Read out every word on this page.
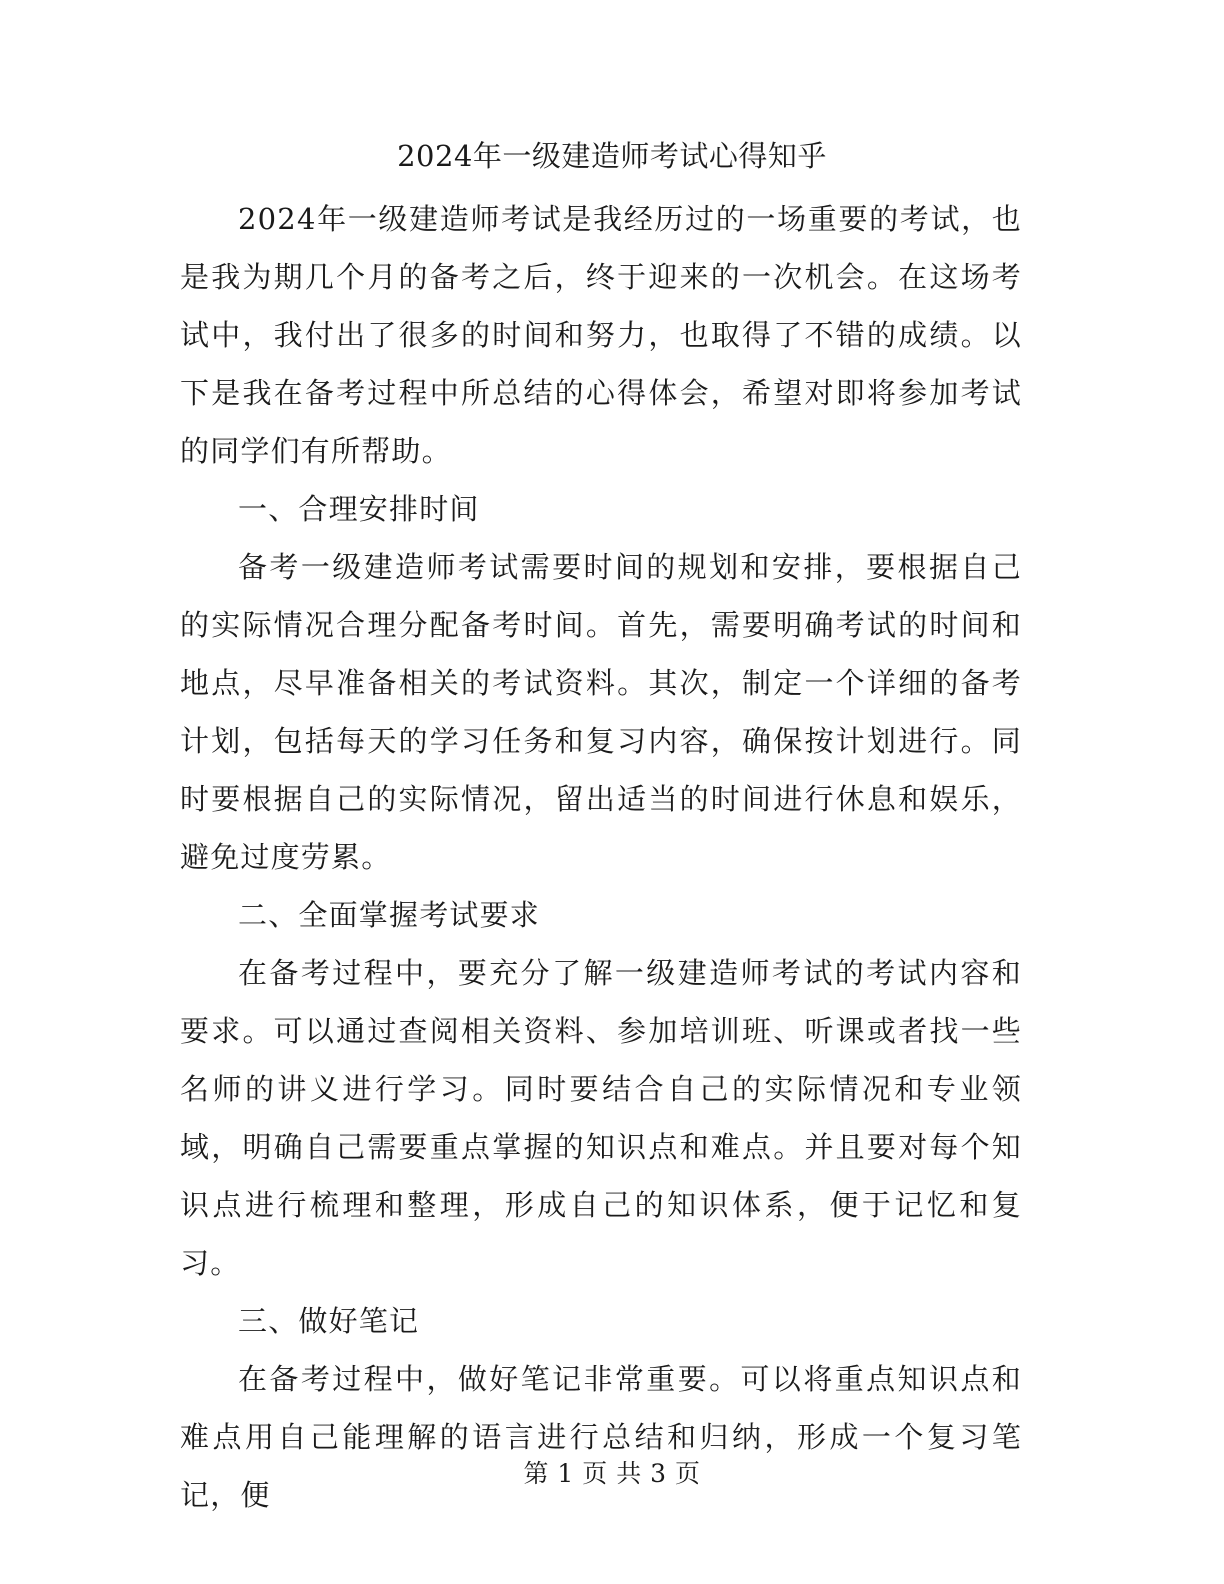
2024年一级建造师考试心得知乎

2024年一级建造师考试是我经历过的一场重要的考试，也是我为期几个月的备考之后，终于迎来的一次机会。在这场考试中，我付出了很多的时间和努力，也取得了不错的成绩。以下是我在备考过程中所总结的心得体会，希望对即将参加考试的同学们有所帮助。

一、合理安排时间

备考一级建造师考试需要时间的规划和安排，要根据自己的实际情况合理分配备考时间。首先，需要明确考试的时间和地点，尽早准备相关的考试资料。其次，制定一个详细的备考计划，包括每天的学习任务和复习内容，确保按计划进行。同时要根据自己的实际情况，留出适当的时间进行休息和娱乐，避免过度劳累。

二、全面掌握考试要求

在备考过程中，要充分了解一级建造师考试的考试内容和要求。可以通过查阅相关资料、参加培训班、听课或者找一些名师的讲义进行学习。同时要结合自己的实际情况和专业领域，明确自己需要重点掌握的知识点和难点。并且要对每个知识点进行梳理和整理，形成自己的知识体系，便于记忆和复习。

三、做好笔记

在备考过程中，做好笔记非常重要。可以将重点知识点和难点用自己能理解的语言进行总结和归纳，形成一个复习笔记，便

第 1 页 共 3 页
